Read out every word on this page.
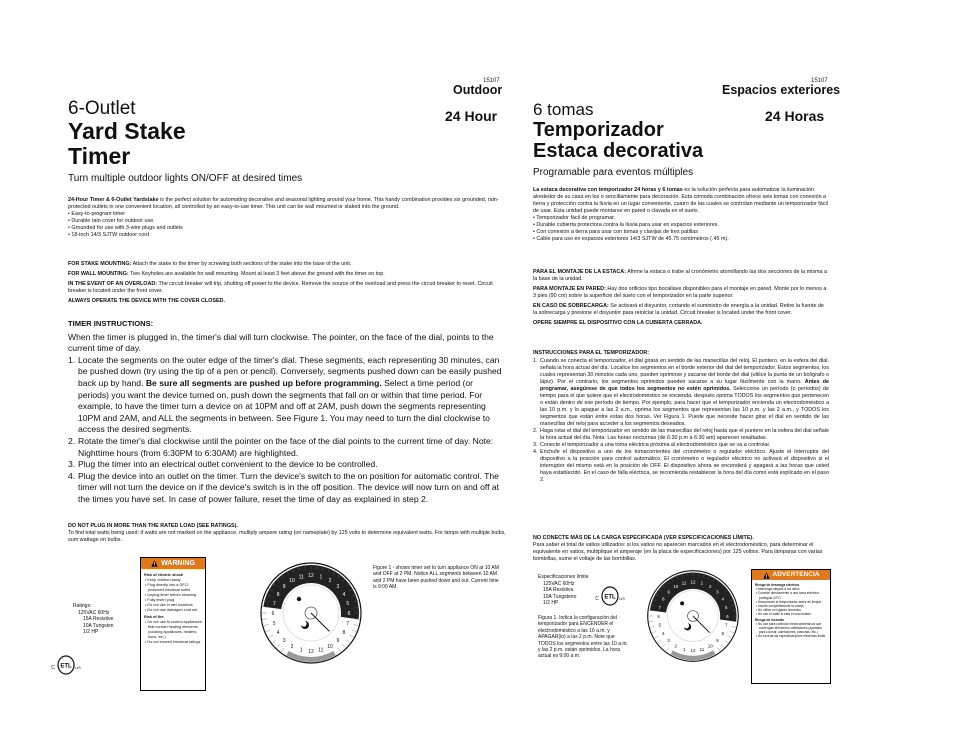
15107
Outdoor
6-Outlet
Yard Stake
Timer
24 Hour
Turn multiple outdoor lights ON/OFF at desired times

24-Hour Timer & 6-Outlet Yardstake is the perfect solution for automating decorative and seasonal lighting around your home. This handy combination provides six grounded, rain-protected outlets in one convenient location, all controlled by an easy-to-use timer. This unit can be wall mounted or staked into the ground.

• Easy-to-program timer

• Durable rain cover for outdoor use.

• Grounded for use with 3-wire plugs and outlets

• 18-inch 14/3 SJTW outdoor cord

FOR STAKE MOUNTING: Attach the stake to the timer by screwing both sections of the stake into the base of the unit.

FOR WALL MOUNTING: Two Keyholes are available for wall mounting. Mount at least 3 feet above the ground with the timer on top.

IN THE EVENT OF AN OVERLOAD: The circuit breaker will trip, shutting off power to the device. Remove the source of the overload and press the circuit breaker to reset. Circuit breaker is located under the front cover.

ALWAYS OPERATE THE DEVICE WITH THE COVER CLOSED.

TIMER INSTRUCTIONS:

When the timer is plugged in, the timer's dial will turn clockwise. The pointer, on the face of the dial, points to the current time of day.

1. Locate the segments on the outer edge of the timer's dial. These segments, each representing 30 minutes, can be pushed down (try using the tip of a pen or pencil). Conversely, segments pushed down can be easily pushed back up by hand. Be sure all segments are pushed up before programming. Select a time period (or periods) you want the device turned on, push down the segments that fall on or within that time period. For example, to have the timer turn a device on at 10PM and off at 2AM, push down the segments representing 10PM and 2AM, and ALL the segments in between. See Figure 1. You may need to turn the dial clockwise to access the desired segments.
2. Rotate the timer's dial clockwise until the pointer on the face of the dial points to the current time of day. Note: Nighttime hours (from 6:30PM to 6:30AM) are highlighted.
3. Plug the timer into an electrical outlet convenient to the device to be controlled.
4. Plug the device into an outlet on the timer. Turn the device's switch to the on position for automatic control. The timer will not turn the device on if the device's switch is in the off position. The device will now turn on and off at the times you have set. In case of power failure, reset the time of day as explained in step 2.

DO NOT PLUG IN MORE THAN THE RATED LOAD (SEE RATINGS).

To find total watts being used: if watts are not marked on the appliance, multiply ampere rating (on nameplate) by 125 volts to determine equivalent watts. For lamps with multiple bulbs, sum wattage on bulbs.

Ratings:
125VAC 60Hz
15A Resistive
10A Tungsten
1/2 HP
ETL
C	US
WARNING
Risk of electric shock
• Keep children away
• Plug directly into a GFCI protected electrical outlet
• Unplug timer before cleaning
• Fully insert plug
• Do not use in wet locations
• Do not use damaged cord set
Risk of fire
• Do not use to control appliances that contain heating elements (cooking appliances, heaters, irons, etc.)
• Do not exceed electrical ratings
12 1
2
3
4
5
6
7
8
9
10
11
12
1
2
3
4
5
6
7
8
9
10
11
Figure 1 - shows timer set to turn appliance ON at 10 AM and OFF at 2 PM. Notice ALL segments between 10 AM and 2 PM have been pushed down and out. Current time is 9:00 AM.
15107
Espacios exteriores
6 tomas
Temporizador
Estaca decorativa
24 Horas
Programable para eventos múltiples

La estaca decorativa con temporizador 24 horas y 6 tomas es la solución perfecta para automatizar la iluminación alrededor de su casa en los o sencillamente para decoración. Esta cómoda combinación ofrece seis tomas con conexión a tierra y protección contra la lluvia en un lugar conveniente, cuatro de las cuales se controlan mediante un temporizador fácil de usar. Esta unidad puede montarse en pared o clavada en el suelo.

• Temporizador fácil de programar.

• Durable cubierta protectora contra la lluvia para usar en espacios exteriores.

• Con conexión a tierra para usar con tomas y clavijas de tres patillas

• Cable para uso en espacios exteriores 14/3 SJTW de 45.75 centímetros (.45 m).

PARA EL MONTAJE DE LA ESTACA: Afirme la estaca o trabe al cronómetro atornillando las dos secciones de la misma a la base de la unidad.

PARA MONTAJE EN PARED: Hay dos orificios tipo bocallave disponibles para el montaje en pared. Monte por lo menos a 3 pies (90 cm) sobre la superficie del suelo con el temporizador en la parte superior.

EN CASO DE SOBRECARGA: Se activará el disyuntor, cortando el suministro de energía a la unidad. Retire la fuente de la sobrecarga y presione el disyuntor para reiniciar la unidad. Circuit breaker is located under the front cover.

OPERE SIEMPRE EL DISPOSITIVO CON LA CUBIERTA CERRADA.

INSTRUCCIONES PARA EL TEMPORIZADOR:

1. Cuando se conecta el temporizador, el dial girará en sentido de las manecillas del reloj. El puntero, en la esfera del dial, señala la hora actual del día. Localice los segmentos en el borde exterior del dial del temporizador. Estos segmentos, los cuales representan 30 minutos cada uno, pueden oprimirse y sacarse del borde del dial (utilice la punta de un bolígrafo o lápiz). Por el contrario, los segmentos oprimidos pueden sacarse a su lugar fácilmente con la mano. Antes de programar, asegúrese de que todos los segmentos no estén oprimidos. Seleccione un período (o períodos) de tiempo para el que quiere que el electrodoméstico se encienda, después oprima TODOS los segmentos que pertenecen o están dentro de ese período de tiempo. Por ejemplo, para hacer que el temporizador encienda un electrodoméstico a las 10 p.m. y lo apague a las 2 a.m., oprima los segmentos que representan las 10 p.m. y las 2 a.m., y TODOS los segmentos que están entre estas dos horas. Ver Figura 1. Puede que necesite hacer girar el dial en sentido de las manecillas del reloj para acceder a los segmentos deseados.
2. Haga rotar el dial del temporizador en sentido de las manecillas del reloj hasta que el puntero en la esfera del dial señale la hora actual del día. Nota: Las horas nocturnas (de 6:30 p.m a 6:30 am) aparecen resaltadas.
3. Conecte el temporizador a una toma eléctrica próxima al electrodoméstico que se va a controlar.
4. Enchufe el dispositivo a uno de los tomacorrientes del cronómetro o regulador eléctrico. Ajuste el interruptor del dispositivo a la posición para control automático. El cronómetro o regulador eléctrico no activará el dispositivo si el interruptor del mismo está en la posición de OFF. El dispositivo ahora se encenderá y apagará a las horas que usted haya establecido. En el caso de falla eléctrica, se recomienda restablecer la hora del día como está explicado en el paso 2.

NO CONECTE MÁS DE LA CARGA ESPECIFICADA (VER ESPECIFICACIONES LÍMITE).

Para saber el total de vatios utilizados: si los vatios no aparecen marcados en el electrodoméstico, para determinar el equivalente en vatios, multiplique el amperaje (en la placa de especificaciones) por 125 voltios. Para lámparas con varias bombillas, sume el voltaje de las bombillas.

Especificaciones límite
125VAC 60Hz
15A Resistiva
10A Tungsteno
1/2 HP
ETL
C	US
Figura 1. Indica la configuración del temporizador para ENCENDER el electrodoméstico a las 10 a.m. y APAGAR(lo) a las 2 p.m. Note que TODOS los segmentos entre las 10 a.m. y las 2 p.m. están oprimidos. La hora actual es 9:00 a.m.
12 1
2
3
4
5
6
7
8
9
10
11
12
1
2
3
4
5
6
7
8
9
10
11
ADVERTENCIA
Riesgo de descarga eléctrica
• Mantenga alejado a los niños
• Conecte directamente a una toma eléctrica protegida GFCI
• Desconecte el temporizador antes de limpiar
• Inserte completamente la clavija
• No utilice en lugares húmedos
• No use el cable si está en mal estado
Riesgo de incendio
• No use para controlar electrodomésticos que contengan elementos calefactores (aparatos para cocinar, calefactores, planchas, etc.)
• No exceda las especificaciones eléctricas límite
